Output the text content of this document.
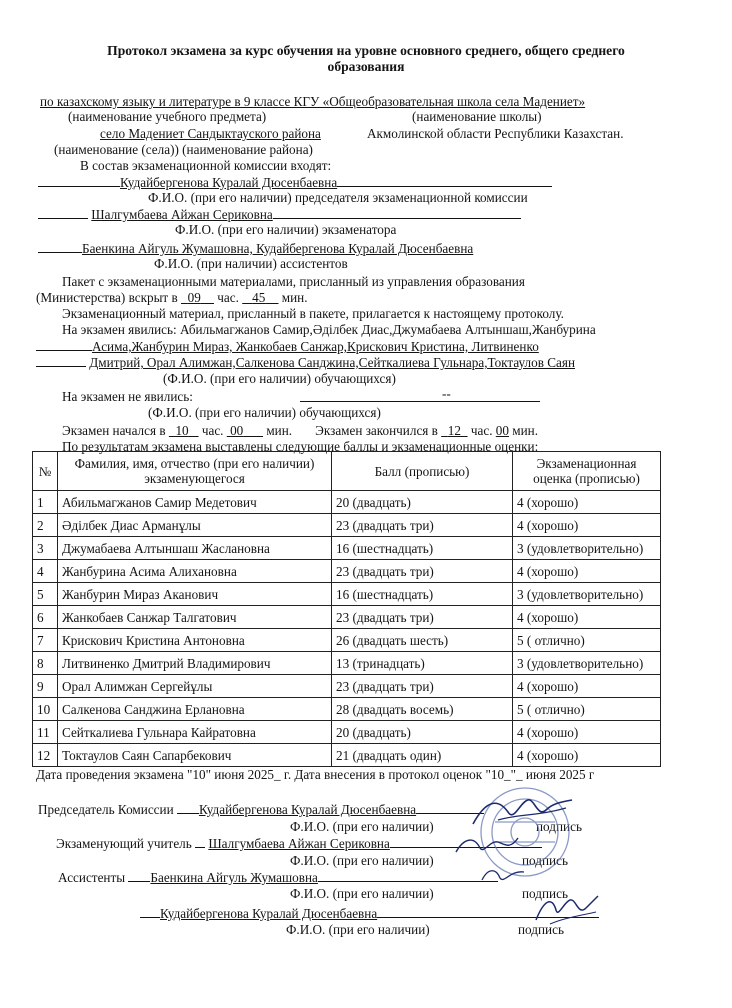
Протокол экзамена за курс обучения на уровне основного среднего, общего среднего
образования
по казахскому языку и литературе в 9 классе КГУ «Общеобразовательная школа села Мадениет»
(наименование учебного предмета)	(наименование школы)
село Мадениет Сандыктауского района	Акмолинской области Республики Казахстан.
(наименование (села)) (наименование района)
В состав экзаменационной комиссии входят:
Кудайбергенова Куралай Дюсенбаевна
Ф.И.О. (при его наличии) председателя экзаменационной комиссии
Шалгумбаева Айжан Сериковна
Ф.И.О. (при его наличии) экзаменатора
Баенкина Айгуль Жумашовна, Кудайбергенова Куралай Дюсенбаевна
Ф.И.О. (при наличии) ассистентов
Пакет с экзаменационными материалами, присланный из управления образования
(Министерства) вскрыт в 09 час. 45 мин.
Экзаменационный материал, присланный в пакете, прилагается к настоящему протоколу.
На экзамен явились: Абильмагжанов Самир,Әділбек Диас,Джумабаева Алтыншаш,Жанбурина
Асима,Жанбурин Мираз, Жанкобаев Санжар,Крискович Кристина, Литвиненко
Дмитрий, Орал Алимжан,Салкенова Санджина,Сейткалиева Гульнара,Токтаулов Саян
(Ф.И.О. (при его наличии) обучающихся)
На экзамен не явились:	--
(Ф.И.О. (при его наличии) обучающихся)
Экзамен начался в 10 час. 00 мин. Экзамен закончился в 12 час. 00 мин.
По результатам экзамена выставлены следующие баллы и экзаменационные оценки:
№	Фамилия, имя, отчество (при его наличии) экзаменующегося	Балл (прописью)	Экзаменационная оценка (прописью)
1	Абильмагжанов Самир Медетович	20 (двадцать)	4 (хорошо)
2	Әділбек Диас Арманұлы	23 (двадцать три)	4 (хорошо)
3	Джумабаева Алтыншаш Жаслановна	16 (шестнадцать)	3 (удовлетворительно)
4	Жанбурина Асима Алихановна	23 (двадцать три)	4 (хорошо)
5	Жанбурин Мираз Аканович	16 (шестнадцать)	3 (удовлетворительно)
6	Жанкобаев Санжар Талгатович	23 (двадцать три)	4 (хорошо)
7	Крискович Кристина Антоновна	26 (двадцать шесть)	5 ( отлично)
8	Литвиненко Дмитрий Владимирович	13 (тринадцать)	3 (удовлетворительно)
9	Орал Алимжан Сергейұлы	23 (двадцать три)	4 (хорошо)
10	Салкенова Санджина Ерлановна	28 (двадцать восемь)	5 ( отлично)
11	Сейткалиева Гульнара Кайратовна	20 (двадцать)	4 (хорошо)
12	Токтаулов Саян Сапарбекович	21 (двадцать один)	4 (хорошо)
Дата проведения экзамена "10" июня 2025_ г. Дата внесения в протокол оценок "10_"_ июня 2025 г
Председатель Комиссии Кудайбергенова Куралай Дюсенбаевна
Ф.И.О. (при его наличии)	подпись
Экзаменующий учитель Шалгумбаева Айжан Сериковна
Ф.И.О. (при его наличии)	подпись
Ассистенты Баенкина Айгуль Жумашовна
Ф.И.О. (при его наличии)	подпись
Кудайбергенова Куралай Дюсенбаевна
Ф.И.О. (при его наличии)	подпись
